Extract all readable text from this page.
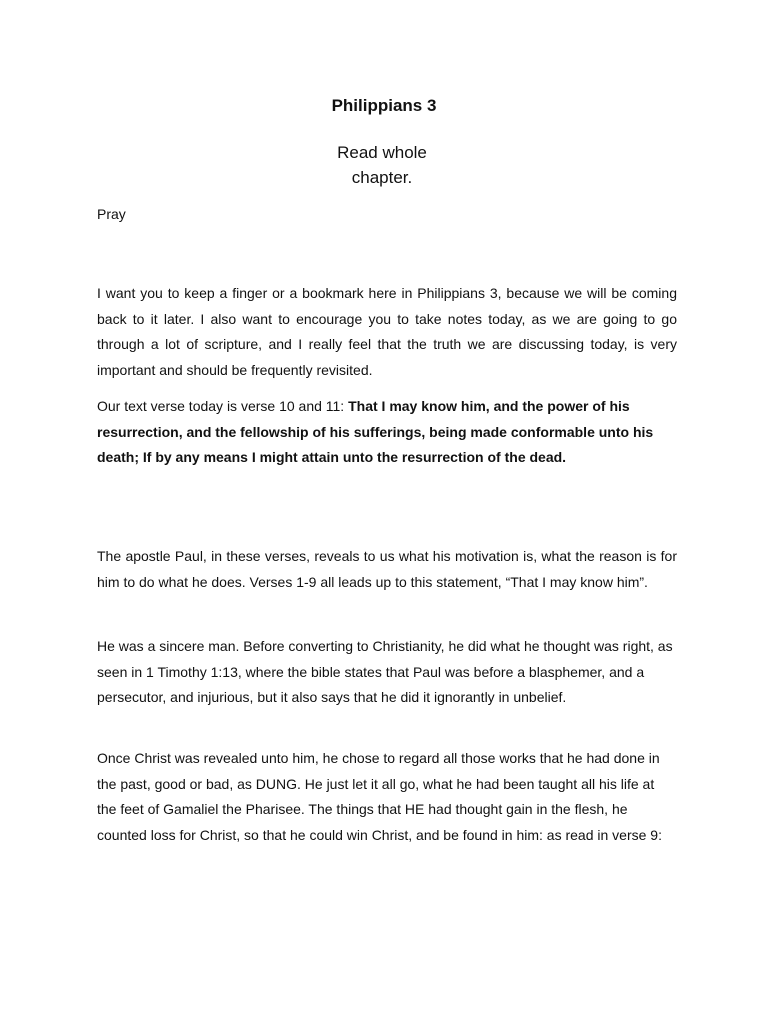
Philippians 3
Read whole chapter.
Pray
I want you to keep a finger or a bookmark here in Philippians 3, because we will be coming back to it later. I also want to encourage you to take notes today, as we are going to go through a lot of scripture, and I really feel that the truth we are discussing today, is very important and should be frequently revisited.
Our text verse today is verse 10 and 11: That I may know him, and the power of his resurrection, and the fellowship of his sufferings, being made conformable unto his death; If by any means I might attain unto the resurrection of the dead.
The apostle Paul, in these verses, reveals to us what his motivation is, what the reason is for him to do what he does. Verses 1-9 all leads up to this statement, “That I may know him”.
He was a sincere man. Before converting to Christianity, he did what he thought was right, as seen in 1 Timothy 1:13, where the bible states that Paul was before a blasphemer, and a persecutor, and injurious, but it also says that he did it ignorantly in unbelief.
Once Christ was revealed unto him, he chose to regard all those works that he had done in the past, good or bad, as DUNG. He just let it all go, what he had been taught all his life at the feet of Gamaliel the Pharisee. The things that HE had thought gain in the flesh, he counted loss for Christ, so that he could win Christ, and be found in him: as read in verse 9:
